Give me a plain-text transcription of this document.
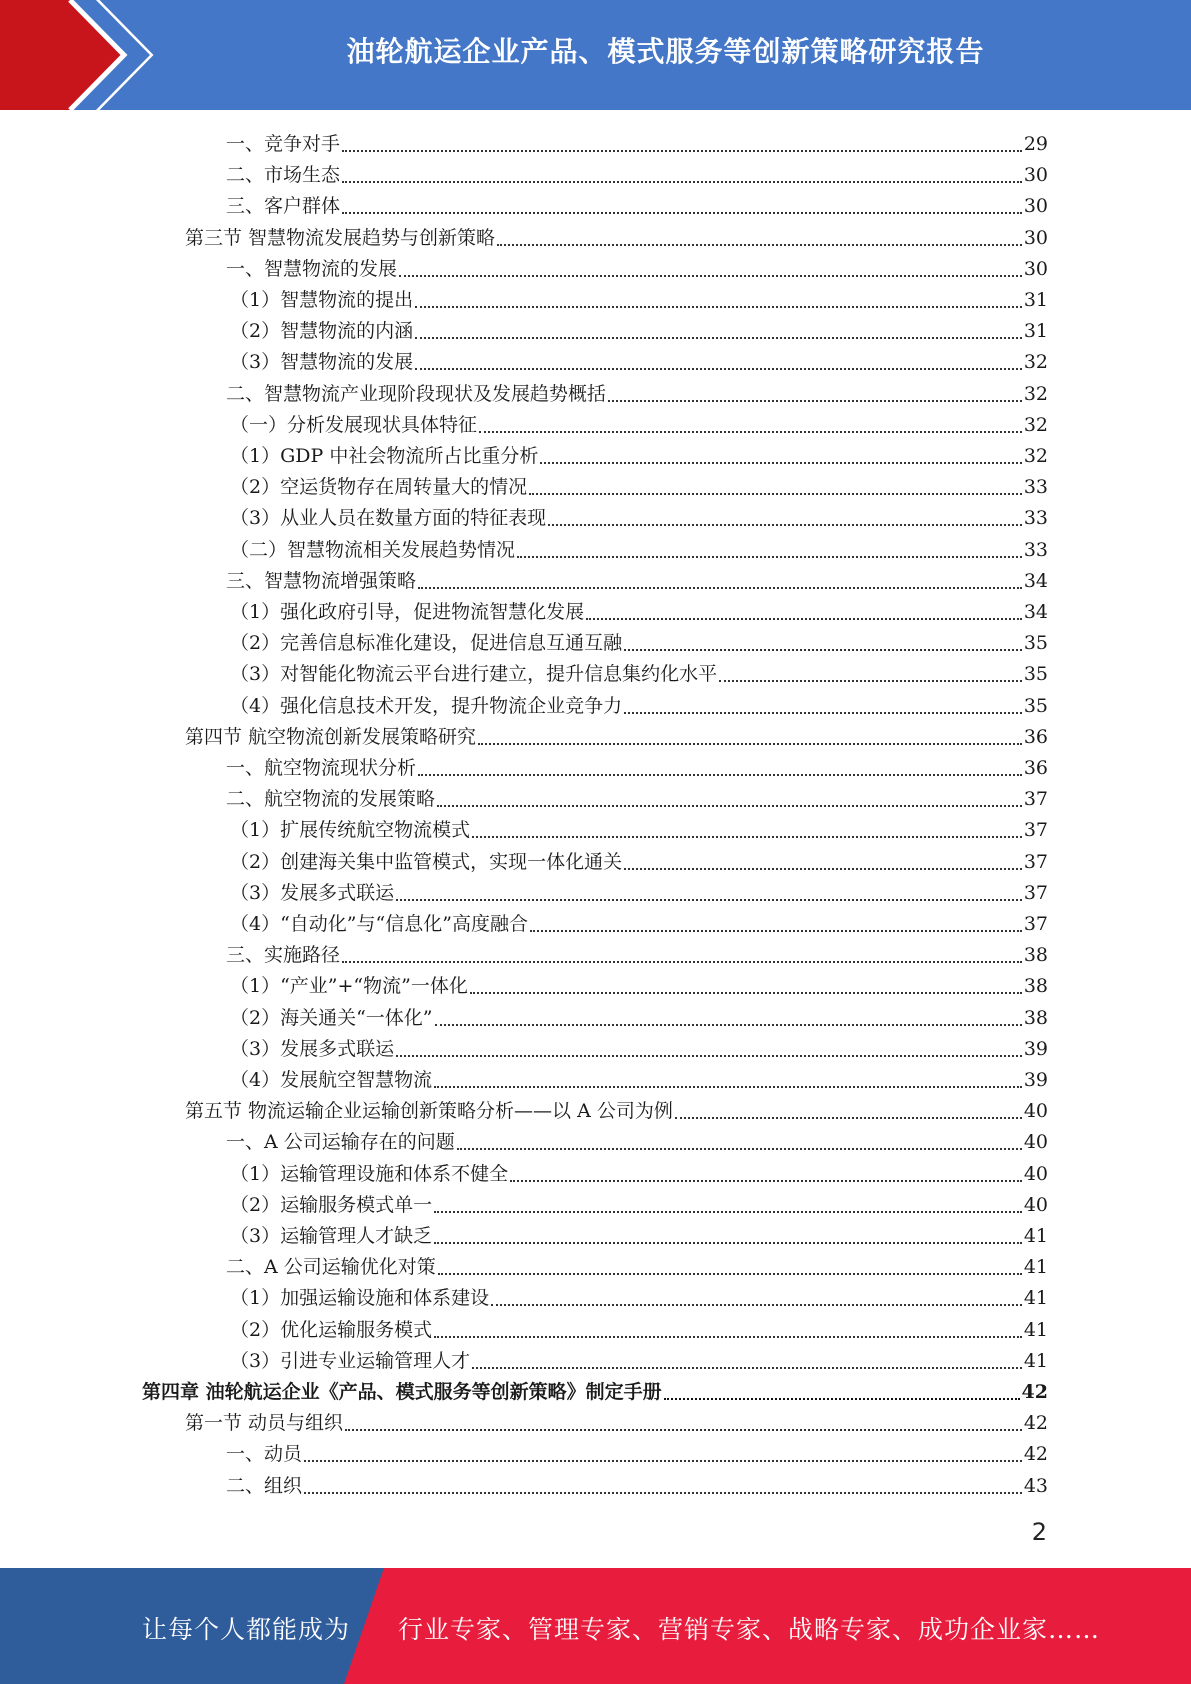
油轮航运企业产品、模式服务等创新策略研究报告
一、竞争对手	29
二、市场生态	30
三、客户群体	30
第三节 智慧物流发展趋势与创新策略	30
一、智慧物流的发展	30
（1）智慧物流的提出	31
（2）智慧物流的内涵	31
（3）智慧物流的发展	32
二、智慧物流产业现阶段现状及发展趋势概括	32
（一）分析发展现状具体特征	32
（1）GDP 中社会物流所占比重分析	32
（2）空运货物存在周转量大的情况	33
（3）从业人员在数量方面的特征表现	33
（二）智慧物流相关发展趋势情况	33
三、智慧物流增强策略	34
（1）强化政府引导，促进物流智慧化发展	34
（2）完善信息标准化建设，促进信息互通互融	35
（3）对智能化物流云平台进行建立，提升信息集约化水平	35
（4）强化信息技术开发，提升物流企业竞争力	35
第四节 航空物流创新发展策略研究	36
一、航空物流现状分析	36
二、航空物流的发展策略	37
（1）扩展传统航空物流模式	37
（2）创建海关集中监管模式，实现一体化通关	37
（3）发展多式联运	37
（4）“自动化”与“信息化”高度融合	37
三、实施路径	38
（1）“产业”+“物流”一体化	38
（2）海关通关“一体化”	38
（3）发展多式联运	39
（4）发展航空智慧物流	39
第五节 物流运输企业运输创新策略分析——以 A 公司为例	40
一、A 公司运输存在的问题	40
（1）运输管理设施和体系不健全	40
（2）运输服务模式单一	40
（3）运输管理人才缺乏	41
二、A 公司运输优化对策	41
（1）加强运输设施和体系建设	41
（2）优化运输服务模式	41
（3）引进专业运输管理人才	41
第四章 油轮航运企业《产品、模式服务等创新策略》制定手册	42
第一节 动员与组织	42
一、动员	42
二、组织	43
2
让每个人都能成为 行业专家、管理专家、营销专家、战略专家、成功企业家……
